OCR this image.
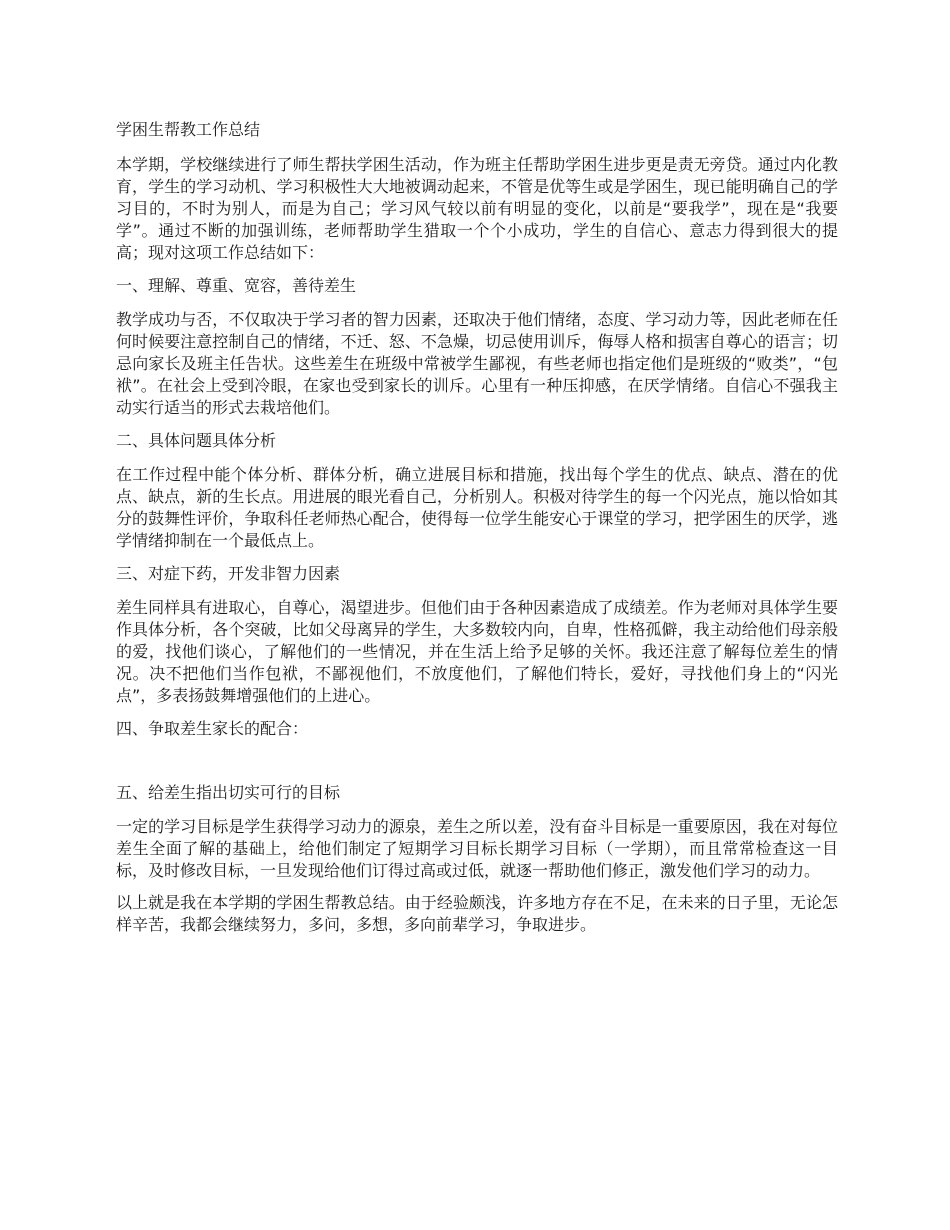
学困生帮教工作总结

本学期，学校继续进行了师生帮扶学困生活动，作为班主任帮助学困生进步更是责无旁贷。通过内化教育，学生的学习动机、学习积极性大大地被调动起来，不管是优等生或是学困生，现已能明确自己的学习目的，不时为别人，而是为自己；学习风气较以前有明显的变化，以前是“要我学”，现在是“我要学”。通过不断的加强训练，老师帮助学生猎取一个个小成功，学生的自信心、意志力得到很大的提高；现对这项工作总结如下：

一、理解、尊重、宽容，善待差生

教学成功与否，不仅取决于学习者的智力因素，还取决于他们情绪，态度、学习动力等，因此老师在任何时候要注意控制自己的情绪，不迁、怒、不急燥，切忌使用训斥，侮辱人格和损害自尊心的语言；切忌向家长及班主任告状。这些差生在班级中常被学生鄙视，有些老师也指定他们是班级的“败类”，“包袱”。在社会上受到冷眼，在家也受到家长的训斥。心里有一种压抑感，在厌学情绪。自信心不强我主动实行适当的形式去栽培他们。

二、具体问题具体分析

在工作过程中能个体分析、群体分析，确立进展目标和措施，找出每个学生的优点、缺点、潜在的优点、缺点，新的生长点。用进展的眼光看自己，分析别人。积极对待学生的每一个闪光点，施以恰如其分的鼓舞性评价，争取科任老师热心配合，使得每一位学生能安心于课堂的学习，把学困生的厌学，逃学情绪抑制在一个最低点上。

三、对症下药，开发非智力因素

差生同样具有进取心，自尊心，渴望进步。但他们由于各种因素造成了成绩差。作为老师对具体学生要作具体分析，各个突破，比如父母离异的学生，大多数较内向，自卑，性格孤僻，我主动给他们母亲般的爱，找他们谈心，了解他们的一些情况，并在生活上给予足够的关怀。我还注意了解每位差生的情况。决不把他们当作包袱，不鄙视他们，不放度他们，了解他们特长，爱好，寻找他们身上的“闪光点”，多表扬鼓舞增强他们的上进心。

四、争取差生家长的配合：
五、给差生指出切实可行的目标

一定的学习目标是学生获得学习动力的源泉，差生之所以差，没有奋斗目标是一重要原因，我在对每位差生全面了解的基础上，给他们制定了短期学习目标长期学习目标（一学期），而且常常检查这一目标，及时修改目标，一旦发现给他们订得过高或过低，就逐一帮助他们修正，激发他们学习的动力。

以上就是我在本学期的学困生帮教总结。由于经验颇浅，许多地方存在不足，在未来的日子里，无论怎样辛苦，我都会继续努力，多问，多想，多向前辈学习，争取进步。
